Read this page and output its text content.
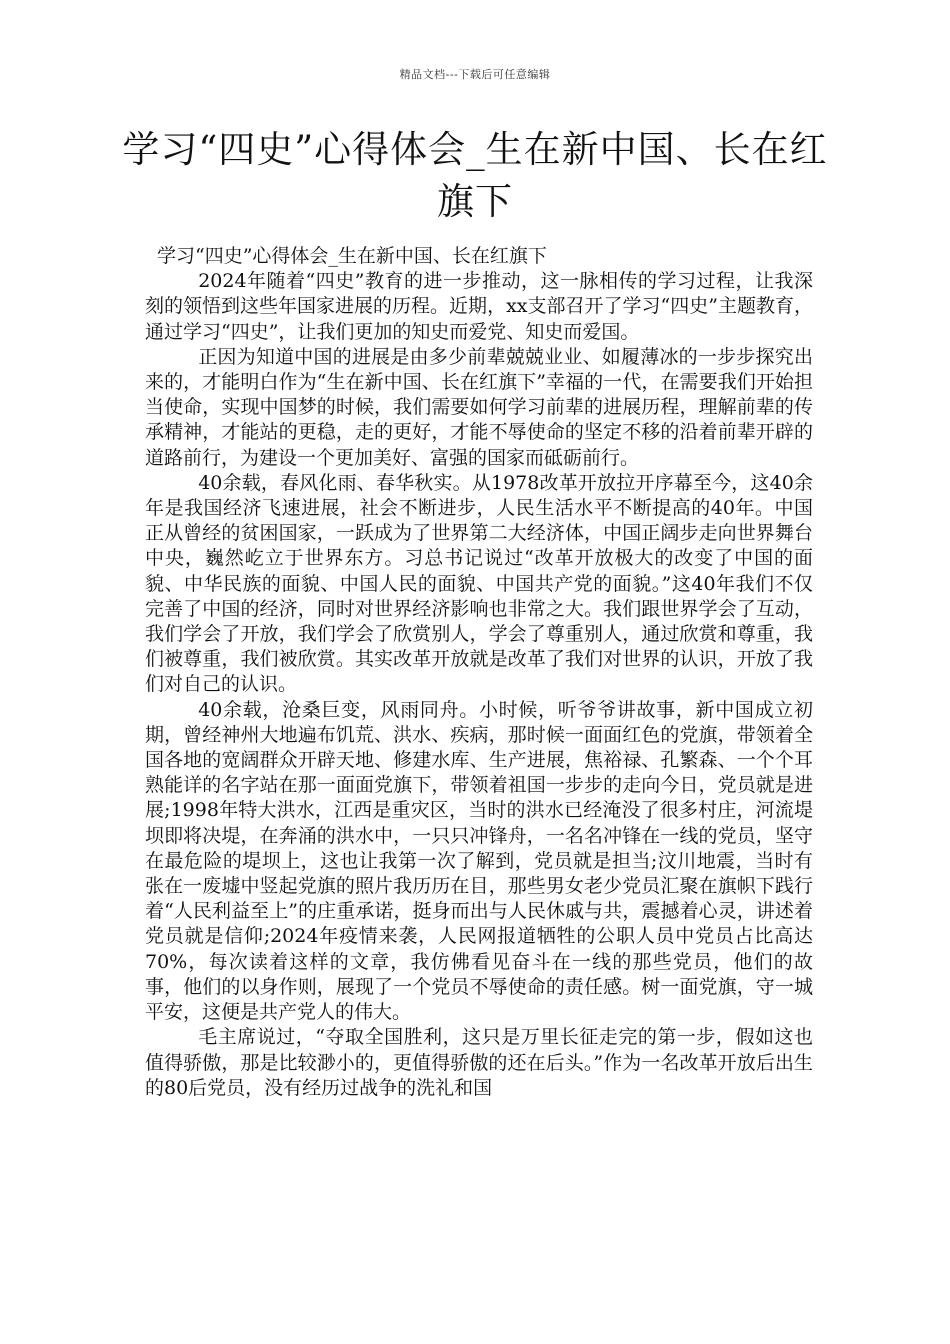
精品文档---下载后可任意编辑
学习“四史”心得体会_生在新中国、长在红旗下

学习“四史”心得体会_生在新中国、长在红旗下

2024年随着“四史”教育的进一步推动，这一脉相传的学习过程，让我深刻的领悟到这些年国家进展的历程。近期，xx支部召开了学习“四史”主题教育，通过学习“四史”，让我们更加的知史而爱党、知史而爱国。

正因为知道中国的进展是由多少前辈兢兢业业、如履薄冰的一步步探究出来的，才能明白作为“生在新中国、长在红旗下”幸福的一代，在需要我们开始担当使命，实现中国梦的时候，我们需要如何学习前辈的进展历程，理解前辈的传承精神，才能站的更稳，走的更好，才能不辱使命的坚定不移的沿着前辈开辟的道路前行，为建设一个更加美好、富强的国家而砥砺前行。

40余载，春风化雨、春华秋实。从1978改革开放拉开序幕至今，这40余年是我国经济飞速进展，社会不断进步，人民生活水平不断提高的40年。中国正从曾经的贫困国家，一跃成为了世界第二大经济体，中国正阔步走向世界舞台中央，巍然屹立于世界东方。习总书记说过“改革开放极大的改变了中国的面貌、中华民族的面貌、中国人民的面貌、中国共产党的面貌。”这40年我们不仅完善了中国的经济，同时对世界经济影响也非常之大。我们跟世界学会了互动，我们学会了开放，我们学会了欣赏别人，学会了尊重别人，通过欣赏和尊重，我们被尊重，我们被欣赏。其实改革开放就是改革了我们对世界的认识，开放了我们对自己的认识。

40余载，沧桑巨变，风雨同舟。小时候，听爷爷讲故事，新中国成立初期，曾经神州大地遍布饥荒、洪水、疾病，那时候一面面红色的党旗，带领着全国各地的宽阔群众开辟天地、修建水库、生产进展，焦裕禄、孔繁森、一个个耳熟能详的名字站在那一面面党旗下，带领着祖国一步步的走向今日，党员就是进展;1998年特大洪水，江西是重灾区，当时的洪水已经淹没了很多村庄，河流堤坝即将决堤，在奔涌的洪水中，一只只冲锋舟，一名名冲锋在一线的党员，坚守在最危险的堤坝上，这也让我第一次了解到，党员就是担当;汶川地震，当时有张在一废墟中竖起党旗的照片我历历在目，那些男女老少党员汇聚在旗帜下践行着“人民利益至上”的庄重承诺，挺身而出与人民休戚与共，震撼着心灵，讲述着党员就是信仰;2024年疫情来袭，人民网报道牺牲的公职人员中党员占比高达70%，每次读着这样的文章，我仿佛看见奋斗在一线的那些党员，他们的故事，他们的以身作则，展现了一个党员不辱使命的责任感。树一面党旗，守一城平安，这便是共产党人的伟大。

毛主席说过，“夺取全国胜利，这只是万里长征走完的第一步，假如这也值得骄傲，那是比较渺小的，更值得骄傲的还在后头。”作为一名改革开放后出生的80后党员，没有经历过战争的洗礼和国
